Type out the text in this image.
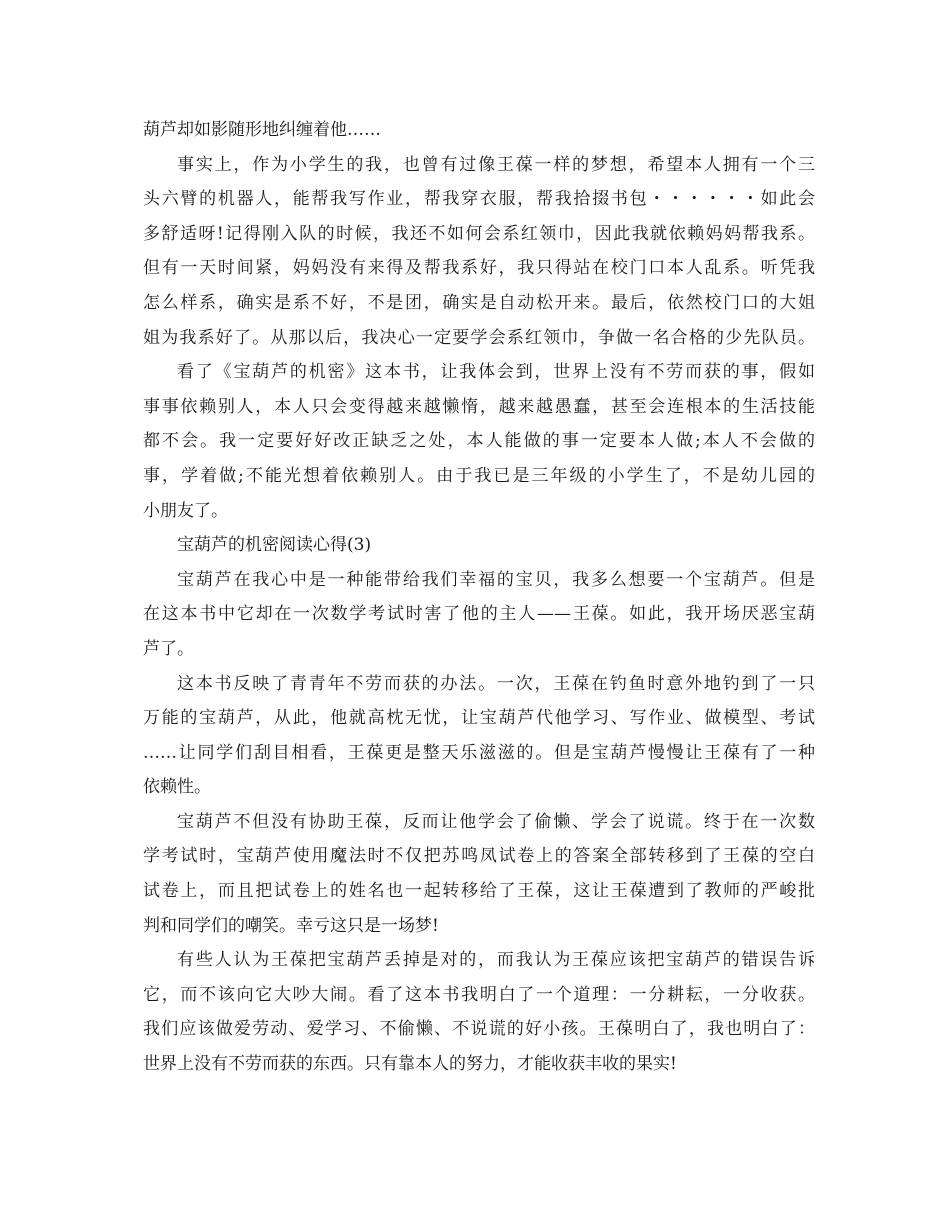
葫芦却如影随形地纠缠着他……
事实上，作为小学生的我，也曾有过像王葆一样的梦想，希望本人拥有一个三
头六臂的机器人，能帮我写作业，帮我穿衣服，帮我拾掇书包・・・・・・如此会
多舒适呀!记得刚入队的时候，我还不如何会系红领巾，因此我就依赖妈妈帮我系。
但有一天时间紧，妈妈没有来得及帮我系好，我只得站在校门口本人乱系。听凭我
怎么样系，确实是系不好，不是团，确实是自动松开来。最后，依然校门口的大姐
姐为我系好了。从那以后，我决心一定要学会系红领巾，争做一名合格的少先队员。
看了《宝葫芦的机密》这本书，让我体会到，世界上没有不劳而获的事，假如
事事依赖别人，本人只会变得越来越懒惰，越来越愚蠢，甚至会连根本的生活技能
都不会。我一定要好好改正缺乏之处，本人能做的事一定要本人做;本人不会做的
事，学着做;不能光想着依赖别人。由于我已是三年级的小学生了，不是幼儿园的
小朋友了。
宝葫芦的机密阅读心得(3)
宝葫芦在我心中是一种能带给我们幸福的宝贝，我多么想要一个宝葫芦。但是
在这本书中它却在一次数学考试时害了他的主人——王葆。如此，我开场厌恶宝葫
芦了。
这本书反映了青青年不劳而获的办法。一次，王葆在钓鱼时意外地钓到了一只
万能的宝葫芦，从此，他就高枕无忧，让宝葫芦代他学习、写作业、做模型、考试
……让同学们刮目相看，王葆更是整天乐滋滋的。但是宝葫芦慢慢让王葆有了一种
依赖性。
宝葫芦不但没有协助王葆，反而让他学会了偷懒、学会了说谎。终于在一次数
学考试时，宝葫芦使用魔法时不仅把苏鸣凤试卷上的答案全部转移到了王葆的空白
试卷上，而且把试卷上的姓名也一起转移给了王葆，这让王葆遭到了教师的严峻批
判和同学们的嘲笑。幸亏这只是一场梦!
有些人认为王葆把宝葫芦丢掉是对的，而我认为王葆应该把宝葫芦的错误告诉
它，而不该向它大吵大闹。看了这本书我明白了一个道理：一分耕耘，一分收获。
我们应该做爱劳动、爱学习、不偷懒、不说谎的好小孩。王葆明白了，我也明白了：
世界上没有不劳而获的东西。只有靠本人的努力，才能收获丰收的果实!
